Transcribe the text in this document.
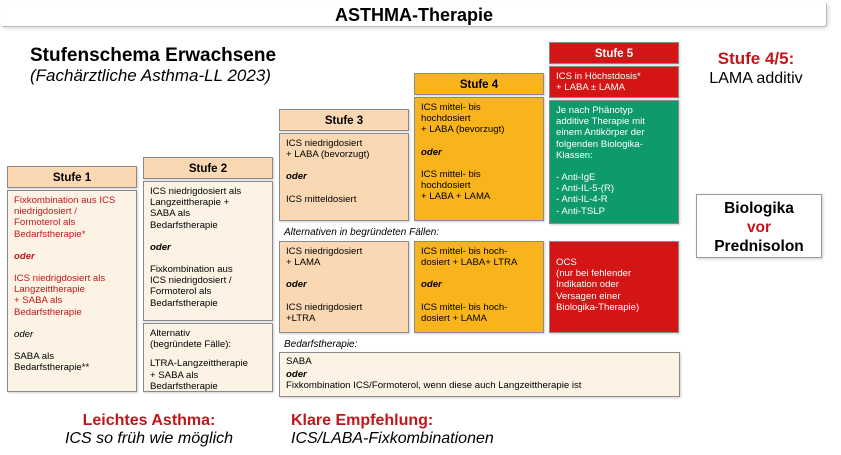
ASTHMA-Therapie
Stufenschema Erwachsene
(Fachärztliche Asthma-LL 2023)
Stufe 1

Fixkombination aus ICS

niedrigdosiert /

Formoterol als

Bedarfstherapie*

oder

ICS niedrigdosiert als

Langzeittherapie

+ SABA als

Bedarfstherapie

oder

SABA als

Bedarfstherapie**

Stufe 2

ICS niedrigdosiert als

Langzeittherapie +

SABA als

Bedarfstherapie

oder

Fixkombination aus

ICS niedrigdosiert /

Formoterol als

Bedarfstherapie

Alternativ

(begründete Fälle):

LTRA-Langzeittherapie

+ SABA als

Bedarfstherapie

Stufe 3

ICS niedrigdosiert

+ LABA (bevorzugt)

oder

ICS mitteldosiert

Alternativen in begründeten Fällen:

ICS niedrigdosiert

+ LAMA

oder

ICS niedrigdosiert

+LTRA

Stufe 4

ICS mittel- bis

hochdosiert

+ LABA (bevorzugt)

oder

ICS mittel- bis

hochdosiert

+ LABA + LAMA

ICS mittel- bis hoch-

dosiert + LABA+ LTRA

oder

ICS mittel- bis hoch-

dosiert + LAMA

Stufe 5

ICS in Höchstdosis*

+ LABA ± LAMA

Je nach Phänotyp

additive Therapie mit

einem Antikörper der

folgenden Biologika-

Klassen:

- Anti-IgE

- Anti-IL-5-(R)

- Anti-IL-4-R

- Anti-TSLP

OCS

(nur bei fehlender

Indikation oder

Versagen einer

Biologika-Therapie)

Bedarfstherapie:

SABA

oder

Fixkombination ICS/Formoterol, wenn diese auch Langzeittherapie ist

Stufe 4/5:
LAMA additiv
Biologika
vor
Prednisolon
Leichtes Asthma:
ICS so früh wie möglich
Klare Empfehlung:
ICS/LABA-Fixkombinationen
